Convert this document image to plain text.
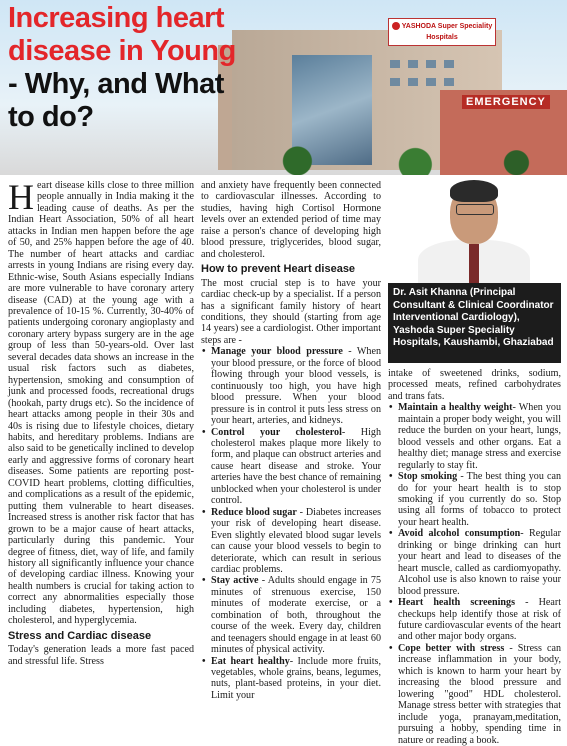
YASHODA Super Speciality Hospitals
EMERGENCY
Increasing heart disease in Young - Why, and What to do?

Heart disease kills close to three million people annually in India making it the leading cause of deaths. As per the Indian Heart Association, 50% of all heart attacks in Indian men happen before the age of 50, and 25% happen before the age of 40. The number of heart attacks and cardiac arrests in young Indians are rising every day. Ethnic-wise, South Asians especially Indians are more vulnerable to have coronary artery disease (CAD) at the young age with a prevalence of 10-15 %. Currently, 30-40% of patients undergoing coronary angioplasty and coronary artery bypass surgery are in the age group of less than 50-years-old. Over last several decades data shows an increase in the usual risk factors such as diabetes, hypertension, smoking and consumption of junk and processed foods, recreational drugs (hookah, party drugs etc). So the incidence of heart attacks among people in their 30s and 40s is rising due to lifestyle choices, dietary habits, and hereditary problems. Indians are also said to be genetically inclined to develop early and aggressive forms of coronary heart diseases. Some patients are reporting post-COVID heart problems, clotting difficulties, and complications as a result of the epidemic, putting them vulnerable to heart diseases. Increased stress is another risk factor that has grown to be a major cause of heart attacks, particularly during this pandemic. Your degree of fitness, diet, way of life, and family history all significantly influence your chance of developing cardiac illness. Knowing your health numbers is crucial for taking action to correct any abnormalities especially those including diabetes, hypertension, high cholesterol, and hyperglycemia.

Stress and Cardiac disease

Today's generation leads a more fast paced and stressful life. Stress

and anxiety have frequently been connected to cardiovascular illnesses. According to studies, having high Cortisol Hormone levels over an extended period of time may raise a person's chance of developing high blood pressure, triglycerides, blood sugar, and cholesterol.

How to prevent Heart disease

The most crucial step is to have your cardiac check-up by a specialist. If a person has a significant family history of heart conditions, they should (starting from age 14 years) see a cardiologist. Other important steps are -

• Manage your blood pressure - When your blood pressure, or the force of blood flowing through your blood vessels, is continuously too high, you have high blood pressure. When your blood pressure is in control it puts less stress on your heart, arteries, and kidneys.
• Control your cholesterol- High cholesterol makes plaque more likely to form, and plaque can obstruct arteries and cause heart disease and stroke. Your arteries have the best chance of remaining unblocked when your cholesterol is under control.
• Reduce blood sugar - Diabetes increases your risk of developing heart disease. Even slightly elevated blood sugar levels can cause your blood vessels to begin to deteriorate, which can result in serious cardiac problems.
• Stay active - Adults should engage in 75 minutes of strenuous exercise, 150 minutes of moderate exercise, or a combination of both, throughout the course of the week. Every day, children and teenagers should engage in at least 60 minutes of physical activity.
• Eat heart healthy- Include more fruits, vegetables, whole grains, beans, legumes, nuts, plant-based proteins, in your diet. Limit your
Dr. Asit Khanna (Principal Consultant & Clinical Coordinator Interventional Cardiology), Yashoda Super Speciality Hospitals, Kaushambi, Ghaziabad

intake of sweetened drinks, sodium, processed meats, refined carbohydrates and trans fats.

• Maintain a healthy weight- When you maintain a proper body weight, you will reduce the burden on your heart, lungs, blood vessels and other organs. Eat a healthy diet; manage stress and exercise regularly to stay fit.
• Stop smoking - The best thing you can do for your heart health is to stop smoking if you currently do so. Stop using all forms of tobacco to protect your heart health.
• Avoid alcohol consumption- Regular drinking or binge drinking can hurt your heart and lead to diseases of the heart muscle, called as cardiomyopathy. Alcohol use is also known to raise your blood pressure.
• Heart health screenings - Heart checkups help identify those at risk of future cardiovascular events of the heart and other major body organs.
• Cope better with stress - Stress can increase inflammation in your body, which is known to harm your heart by increasing the blood pressure and lowering "good" HDL cholesterol. Manage stress better with strategies that include yoga, pranayam,meditation, pursuing a hobby, spending time in nature or reading a book.
